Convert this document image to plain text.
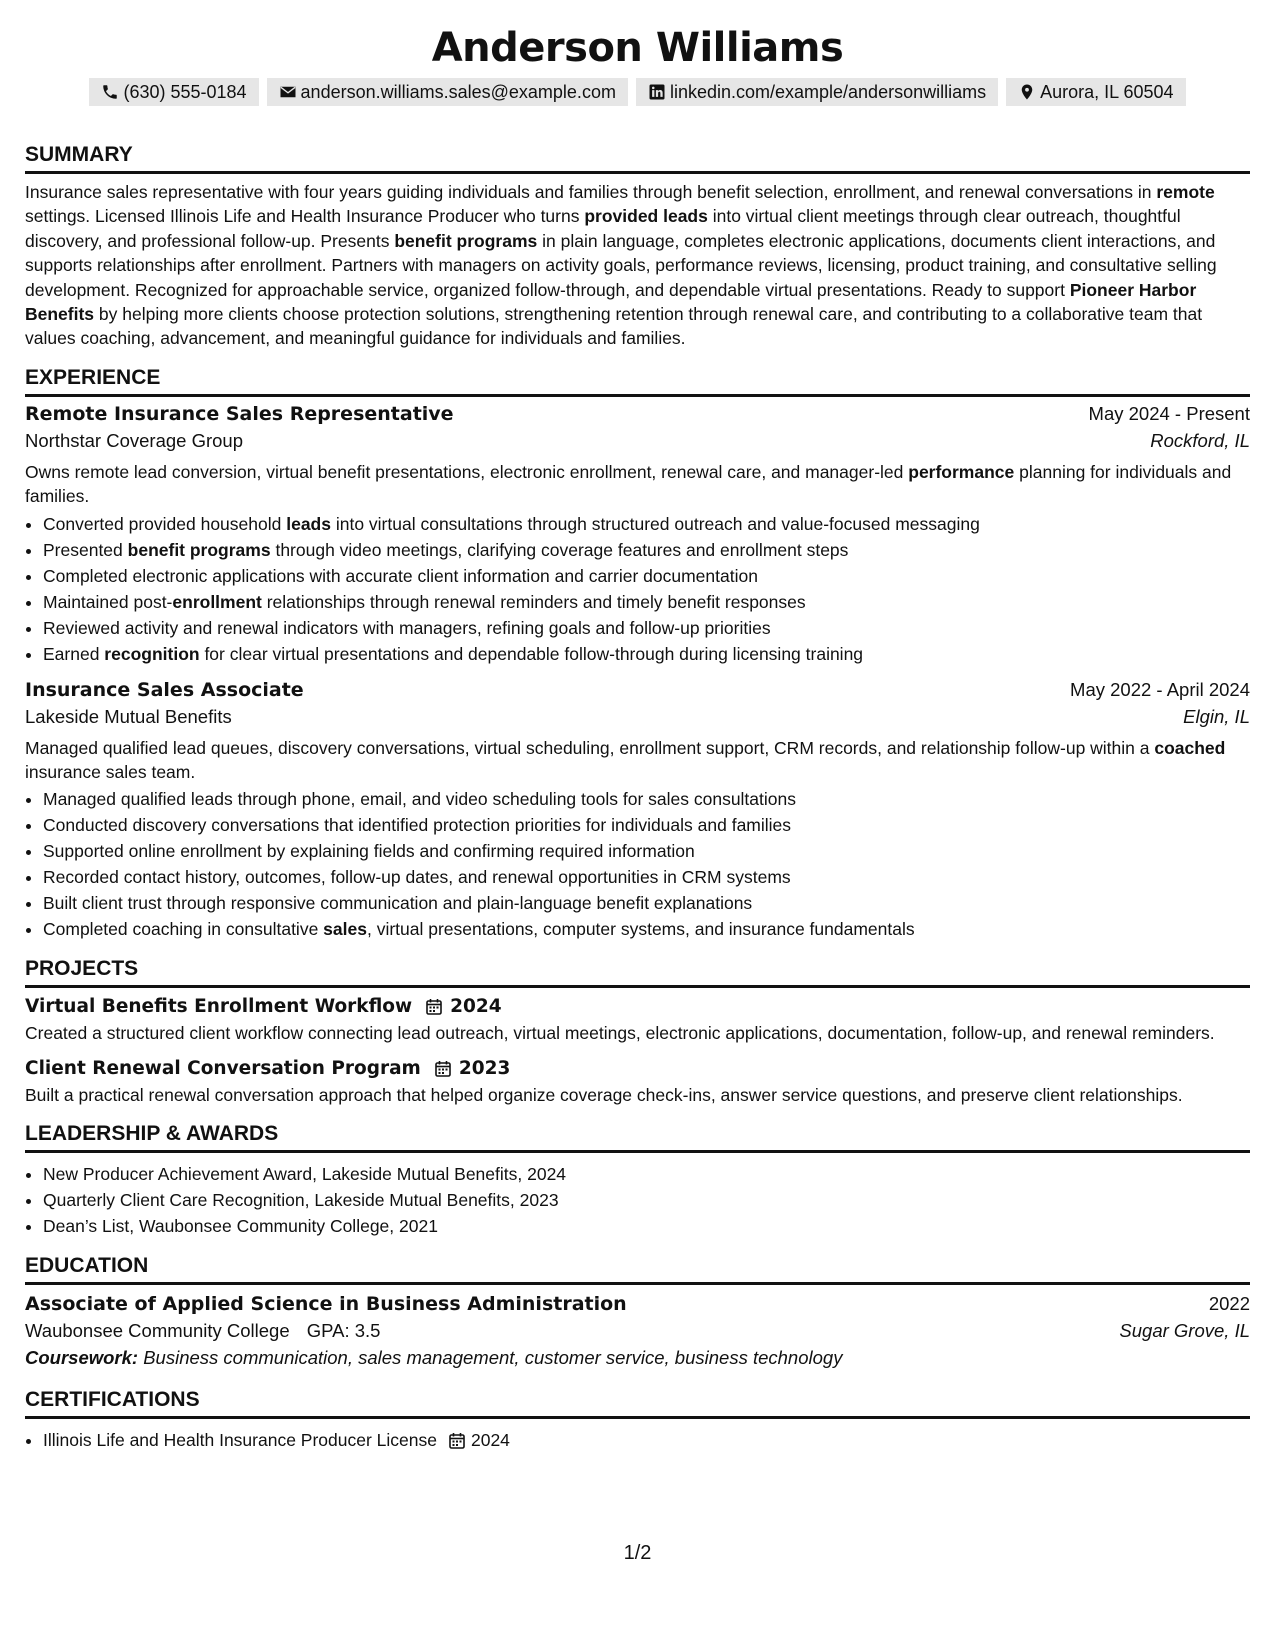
Anderson Williams
(630) 555-0184	anderson.williams.sales@example.com	linkedin.com/example/andersonwilliams	Aurora, IL 60504
SUMMARY

Insurance sales representative with four years guiding individuals and families through benefit selection, enrollment, and renewal conversations in remote settings. Licensed Illinois Life and Health Insurance Producer who turns provided leads into virtual client meetings through clear outreach, thoughtful discovery, and professional follow-up. Presents benefit programs in plain language, completes electronic applications, documents client interactions, and supports relationships after enrollment. Partners with managers on activity goals, performance reviews, licensing, product training, and consultative selling development. Recognized for approachable service, organized follow-through, and dependable virtual presentations. Ready to support Pioneer Harbor Benefits by helping more clients choose protection solutions, strengthening retention through renewal care, and contributing to a collaborative team that values coaching, advancement, and meaningful guidance for individuals and families.

EXPERIENCE
Remote Insurance Sales Representative	May 2024 - Present
Northstar Coverage Group	Rockford, IL

Owns remote lead conversion, virtual benefit presentations, electronic enrollment, renewal care, and manager-led performance planning for individuals and families.

• Converted provided household leads into virtual consultations through structured outreach and value-focused messaging
• Presented benefit programs through video meetings, clarifying coverage features and enrollment steps
• Completed electronic applications with accurate client information and carrier documentation
• Maintained post-enrollment relationships through renewal reminders and timely benefit responses
• Reviewed activity and renewal indicators with managers, refining goals and follow-up priorities
• Earned recognition for clear virtual presentations and dependable follow-through during licensing training
Insurance Sales Associate	May 2022 - April 2024
Lakeside Mutual Benefits	Elgin, IL

Managed qualified lead queues, discovery conversations, virtual scheduling, enrollment support, CRM records, and relationship follow-up within a coached insurance sales team.

• Managed qualified leads through phone, email, and video scheduling tools for sales consultations
• Conducted discovery conversations that identified protection priorities for individuals and families
• Supported online enrollment by explaining fields and confirming required information
• Recorded contact history, outcomes, follow-up dates, and renewal opportunities in CRM systems
• Built client trust through responsive communication and plain-language benefit explanations
• Completed coaching in consultative sales, virtual presentations, computer systems, and insurance fundamentals
PROJECTS
Virtual Benefits Enrollment Workflow 2024

Created a structured client workflow connecting lead outreach, virtual meetings, electronic applications, documentation, follow-up, and renewal reminders.

Client Renewal Conversation Program 2023

Built a practical renewal conversation approach that helped organize coverage check-ins, answer service questions, and preserve client relationships.

LEADERSHIP & AWARDS
• New Producer Achievement Award, Lakeside Mutual Benefits, 2024
• Quarterly Client Care Recognition, Lakeside Mutual Benefits, 2023
• Dean’s List, Waubonsee Community College, 2021
EDUCATION
Associate of Applied Science in Business Administration	2022
Waubonsee Community College GPA: 3.5	Sugar Grove, IL
Coursework: Business communication, sales management, customer service, business technology
CERTIFICATIONS
• Illinois Life and Health Insurance Producer License 2024
1/2
